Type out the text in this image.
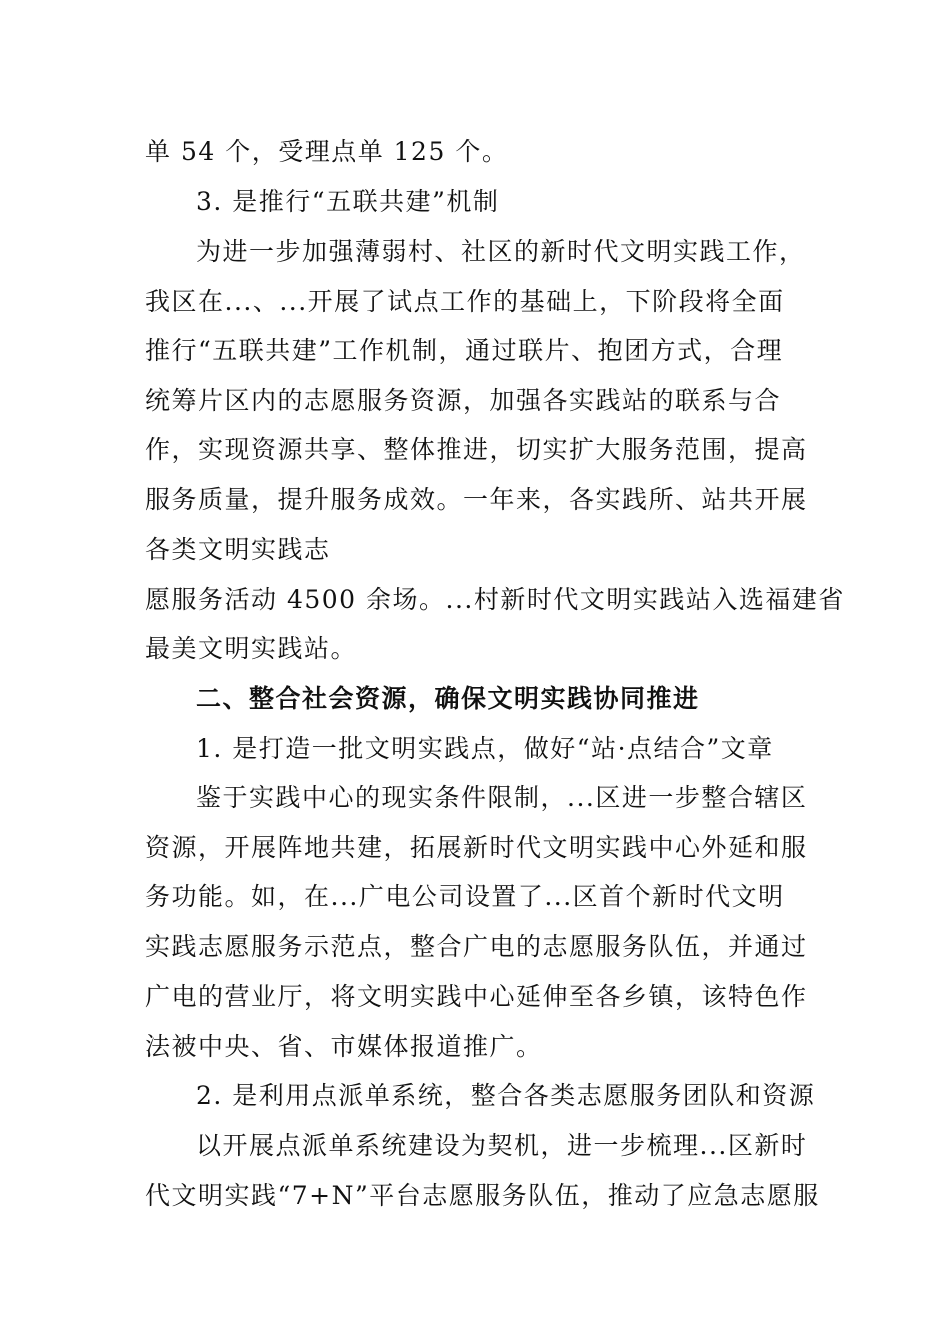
单 54 个，受理点单 125 个。
3. 是推行“五联共建”机制
为进一步加强薄弱村、社区的新时代文明实践工作，
我区在...、...开展了试点工作的基础上，下阶段将全面
推行“五联共建”工作机制，通过联片、抱团方式，合理
统筹片区内的志愿服务资源，加强各实践站的联系与合
作，实现资源共享、整体推进，切实扩大服务范围，提高
服务质量，提升服务成效。一年来，各实践所、站共开展
各类文明实践志
愿服务活动 4500 余场。...村新时代文明实践站入选福建省
最美文明实践站。
二、整合社会资源，确保文明实践协同推进
1. 是打造一批文明实践点，做好“站·点结合”文章
鉴于实践中心的现实条件限制，...区进一步整合辖区
资源，开展阵地共建，拓展新时代文明实践中心外延和服
务功能。如，在...广电公司设置了...区首个新时代文明
实践志愿服务示范点，整合广电的志愿服务队伍，并通过
广电的营业厅，将文明实践中心延伸至各乡镇，该特色作
法被中央、省、市媒体报道推广。
2. 是利用点派单系统，整合各类志愿服务团队和资源
以开展点派单系统建设为契机，进一步梳理...区新时
代文明实践“7+N”平台志愿服务队伍，推动了应急志愿服
